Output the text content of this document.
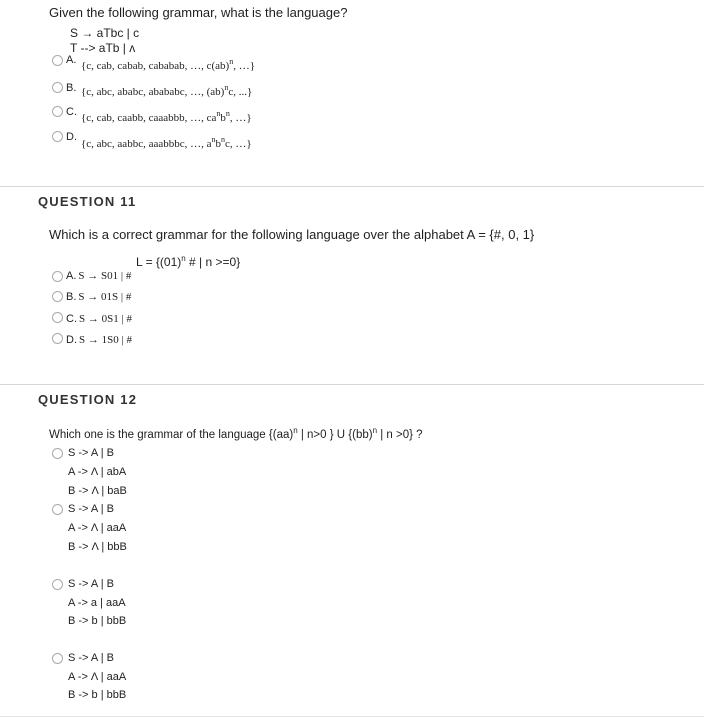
Given the following grammar, what is the language?
S → aTbc | c
T --> aTb | ʌ
A. {c, cab, cabab, cababab, …, c(ab)$^n$, …}
B. {c, abc, ababc, abababc, …, (ab)$^n$c, ...}
C. {c, cab, caabb, caaabbb, …, $ca^nb^n$, …}
D.
{c, abc, aabbc, aaabbbc, …, $a^nb^nc$, …}
QUESTION 11
Which is a correct grammar for the following language over the alphabet A = {#, 0, 1}
$L = \{(01)^n$ # | n >=0}
A. S → S01 | #
B. S → 01S | #
C. S → 0S1 | #
D. S → 1S0 | #
QUESTION 12
Which one is the grammar of the language {(aa)$^n$ | n>0 } U {(bb)$^n$ | n >0} ?
S -> A | B
A -> Λ | abA
B -> Λ | baB
S -> A | B
A -> Λ | aaA
B -> Λ | bbB
S -> A | B
A -> a | aaA
B -> b | bbB
S -> A | B
A -> Λ | aaA
B -> b | bbB
